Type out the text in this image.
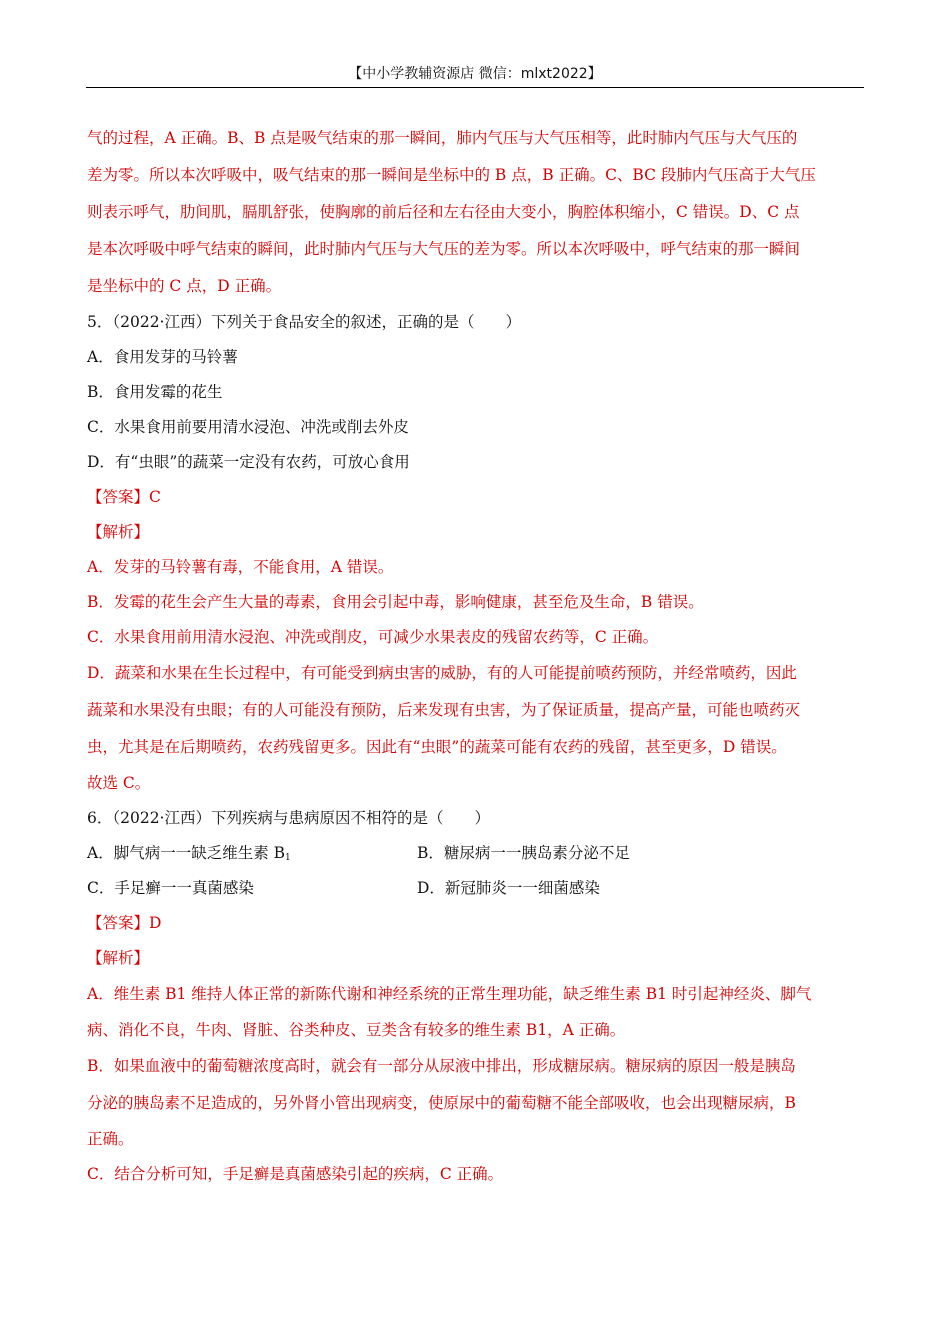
【中小学教辅资源店 微信：mlxt2022】
气的过程，A 正确。B、B 点是吸气结束的那一瞬间，肺内气压与大气压相等，此时肺内气压与大气压的
差为零。所以本次呼吸中，吸气结束的那一瞬间是坐标中的 B 点，B 正确。C、BC 段肺内气压高于大气压
则表示呼气，肋间肌，膈肌舒张，使胸廓的前后径和左右径由大变小，胸腔体积缩小，C 错误。D、C 点
是本次呼吸中呼气结束的瞬间，此时肺内气压与大气压的差为零。所以本次呼吸中，呼气结束的那一瞬间
是坐标中的 C 点，D 正确。
5．（2022·江西）下列关于食品安全的叙述，正确的是（　　）
A．食用发芽的马铃薯
B．食用发霉的花生
C．水果食用前要用清水浸泡、冲洗或削去外皮
D．有“虫眼”的蔬菜一定没有农药，可放心食用
【答案】C
【解析】
A．发芽的马铃薯有毒，不能食用，A 错误。
B．发霉的花生会产生大量的毒素，食用会引起中毒，影响健康，甚至危及生命，B 错误。
C．水果食用前用清水浸泡、冲洗或削皮，可减少水果表皮的残留农药等，C 正确。
D．蔬菜和水果在生长过程中，有可能受到病虫害的威胁，有的人可能提前喷药预防，并经常喷药，因此
蔬菜和水果没有虫眼；有的人可能没有预防，后来发现有虫害，为了保证质量，提高产量，可能也喷药灭
虫，尤其是在后期喷药，农药残留更多。因此有“虫眼”的蔬菜可能有农药的残留，甚至更多，D 错误。
故选 C。
6．（2022·江西）下列疾病与患病原因不相符的是（　　）
A．脚气病一一缺乏维生素 $B_1$	B．糖尿病一一胰岛素分泌不足
C．手足癣一一真菌感染	D．新冠肺炎一一细菌感染
【答案】D
【解析】
A．维生素 B1 维持人体正常的新陈代谢和神经系统的正常生理功能，缺乏维生素 B1 时引起神经炎、脚气
病、消化不良，牛肉、肾脏、谷类种皮、豆类含有较多的维生素 B1，A 正确。
B．如果血液中的葡萄糖浓度高时，就会有一部分从尿液中排出，形成糖尿病。糖尿病的原因一般是胰岛
分泌的胰岛素不足造成的，另外肾小管出现病变，使原尿中的葡萄糖不能全部吸收，也会出现糖尿病，B
正确。
C．结合分析可知，手足癣是真菌感染引起的疾病，C 正确。
